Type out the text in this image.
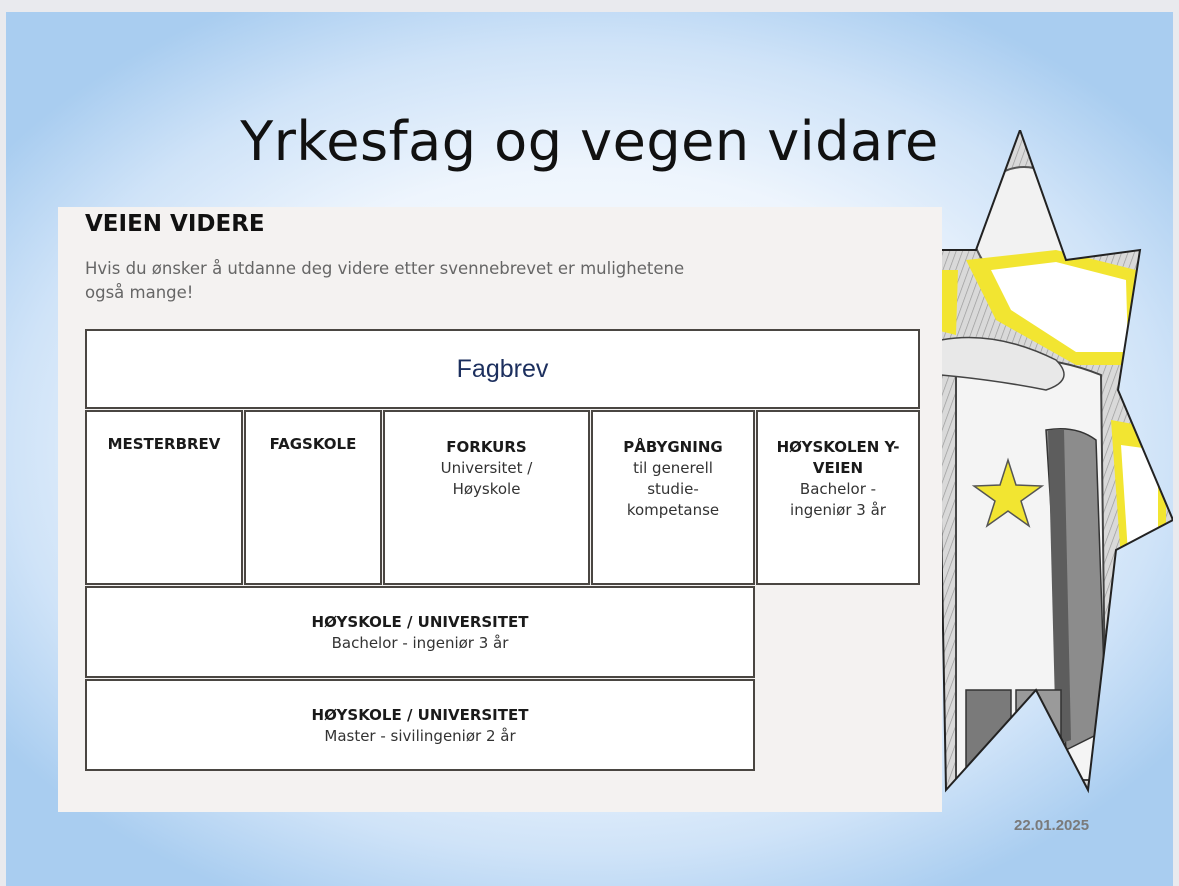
Yrkesfag og vegen vidare
VEIEN VIDERE
Hvis du ønsker å utdanne deg videre etter svennebrevet er mulighetene også mange!
Fagbrev
MESTERBREV	FAGSKOLE	FORKURS
Universitet /
Høyskole
PÅBYGNING
til generell
studie-
kompetanse
HØYSKOLEN Y-
VEIEN
Bachelor -
ingeniør 3 år
HØYSKOLE / UNIVERSITET
Bachelor - ingeniør 3 år
HØYSKOLE / UNIVERSITET
Master - sivilingeniør 2 år
22.01.2025
